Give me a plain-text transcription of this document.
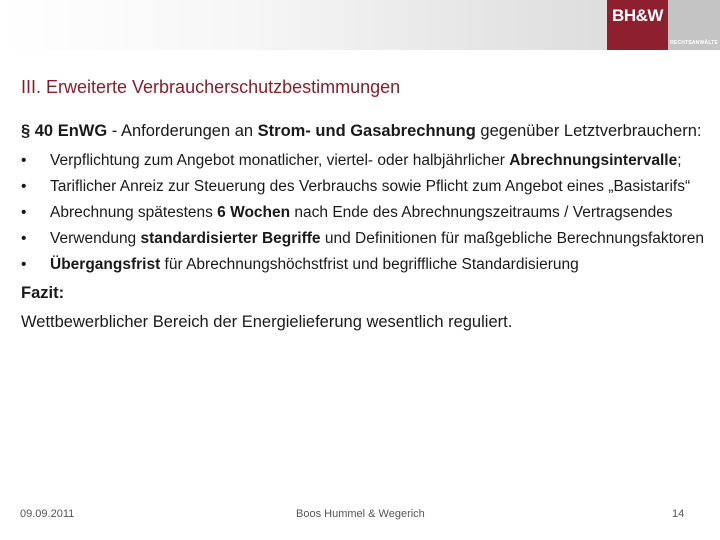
BH&W
RECHTSANWÄLTE
III. Erweiterte Verbraucherschutzbestimmungen

§ 40 EnWG - Anforderungen an Strom- und Gasabrechnung gegenüber Letztverbrauchern:

• Verpflichtung zum Angebot monatlicher, viertel- oder halbjährlicher Abrechnungsintervalle;
• Tariflicher Anreiz zur Steuerung des Verbrauchs sowie Pflicht zum Angebot eines „Basistarifs“
• Abrechnung spätestens 6 Wochen nach Ende des Abrechnungszeitraums / Vertragsendes
• Verwendung standardisierter Begriffe und Definitionen für maßgebliche Berechnungsfaktoren
• Übergangsfrist für Abrechnungshöchstfrist und begriffliche Standardisierung
Fazit:
Wettbewerblicher Bereich der Energielieferung wesentlich reguliert.
09.09.2011	Boos Hummel & Wegerich	14
